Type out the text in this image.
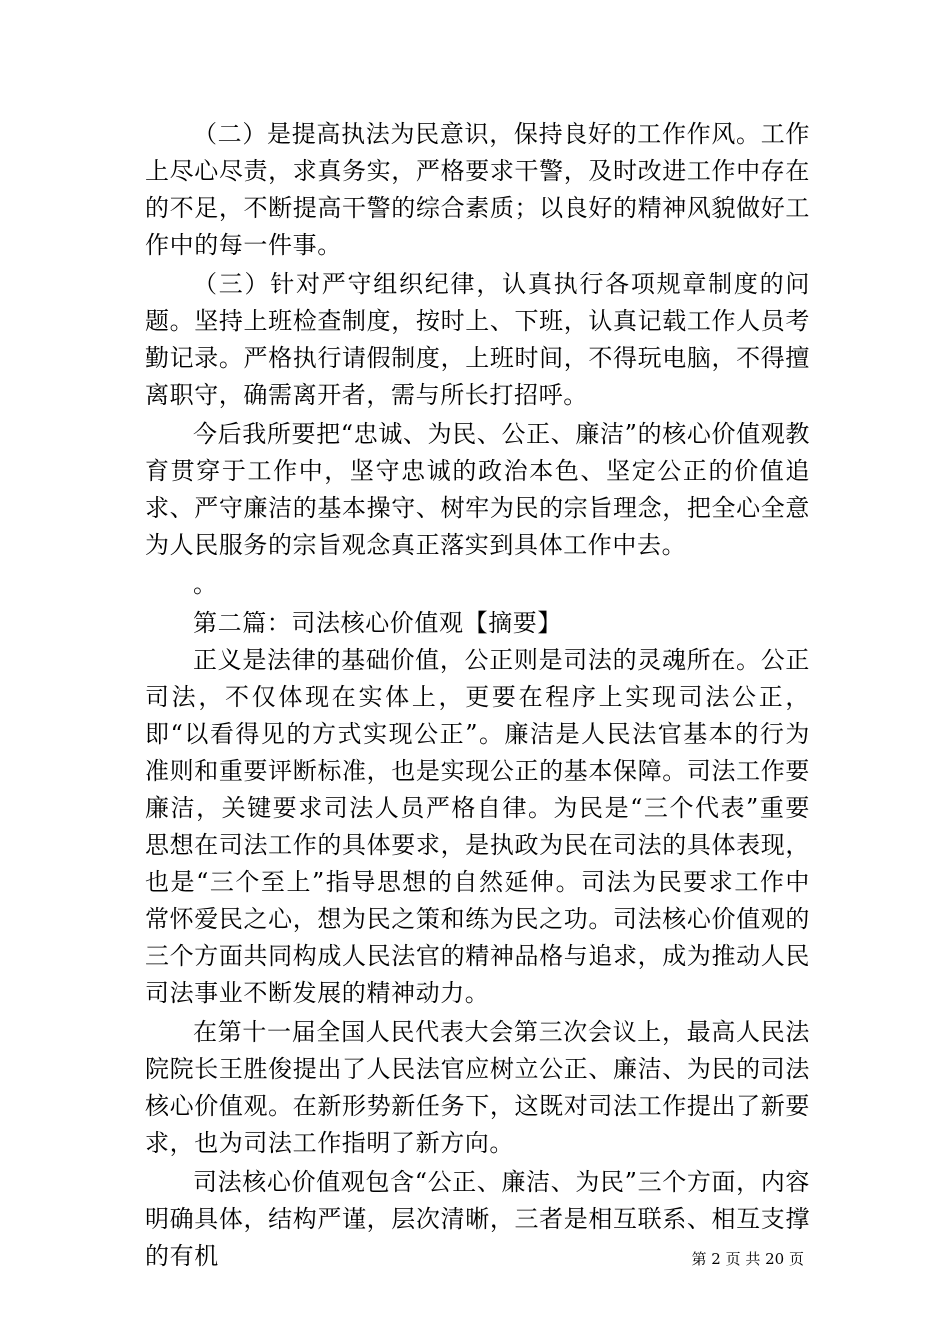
（二）是提高执法为民意识，保持良好的工作作风。工作上尽心尽责，求真务实，严格要求干警，及时改进工作中存在的不足，不断提高干警的综合素质；以良好的精神风貌做好工作中的每一件事。

（三）针对严守组织纪律，认真执行各项规章制度的问题。坚持上班检查制度，按时上、下班，认真记载工作人员考勤记录。严格执行请假制度，上班时间，不得玩电脑，不得擅离职守，确需离开者，需与所长打招呼。

今后我所要把“忠诚、为民、公正、廉洁”的核心价值观教育贯穿于工作中，坚守忠诚的政治本色、坚定公正的价值追求、严守廉洁的基本操守、树牢为民的宗旨理念，把全心全意为人民服务的宗旨观念真正落实到具体工作中去。

。

第二篇：司法核心价值观【摘要】

正义是法律的基础价值，公正则是司法的灵魂所在。公正司法，不仅体现在实体上，更要在程序上实现司法公正，即“以看得见的方式实现公正”。廉洁是人民法官基本的行为准则和重要评断标准，也是实现公正的基本保障。司法工作要廉洁，关键要求司法人员严格自律。为民是“三个代表”重要思想在司法工作的具体要求，是执政为民在司法的具体表现，也是“三个至上”指导思想的自然延伸。司法为民要求工作中常怀爱民之心，想为民之策和练为民之功。司法核心价值观的三个方面共同构成人民法官的精神品格与追求，成为推动人民司法事业不断发展的精神动力。

在第十一届全国人民代表大会第三次会议上，最高人民法院院长王胜俊提出了人民法官应树立公正、廉洁、为民的司法核心价值观。在新形势新任务下，这既对司法工作提出了新要求，也为司法工作指明了新方向。

司法核心价值观包含“公正、廉洁、为民”三个方面，内容明确具体，结构严谨，层次清晰，三者是相互联系、相互支撑的有机	第 2 页 共 20 页
